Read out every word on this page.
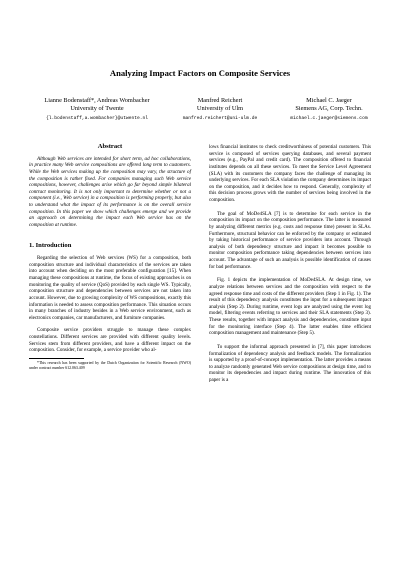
Analyzing Impact Factors on Composite Services
Lianne Bodenstaff*, Andreas Wombacher
University of Twente
{l.bodenstaff,a.wombacher}@utwente.nl
Manfred Reichert
University of Ulm
manfred.reichert@uni-ulm.de
Michael C. Jaeger
Siemens AG, Corp. Techn.
michael.c.jaeger@siemens.com
Abstract

Although Web services are intended for short term, ad hoc collaborations, in practice many Web service compositions are offered long term to customers. While the Web services making up the composition may vary, the structure of the composition is rather fixed. For companies managing such Web service compositions, however, challenges arise which go far beyond simple bilateral contract monitoring. It is not only important to determine whether or not a component (i.e., Web service) in a composition is performing properly, but also to understand what the impact of its performance is on the overall service composition. In this paper we show which challenges emerge and we provide an approach on determining the impact each Web service has on the composition at runtime.

1. Introduction

Regarding the selection of Web services (WS) for a composition, both composition structure and individual characteristics of the services are taken into account when deciding on the most preferable configuration [15]. When managing these compositions at runtime, the focus of existing approaches is on monitoring the quality of service (QoS) provided by each single WS. Typically, composition structure and dependencies between services are not taken into account. However, due to growing complexity of WS compositions, exactly this information is needed to assess composition performance. This situation occurs in many branches of industry besides in a Web service environment, such as electronics companies, car manufacturers, and furniture companies.

Composite service providers struggle to manage these complex constellations. Different services are provided with different quality levels. Services stem from different providers, and have a different impact on the composition. Consider, for example, a service provider who al-

*This research has been supported by the Dutch Organization for Scientific Research (NWO) under contract number 612.063.409

lows financial institutes to check creditworthiness of potential customers. This service is composed of services querying databases, and several payment services (e.g., PayPal and credit card). The composition offered to financial institutes depends on all these services. To meet the Service Level Agreement (SLA) with its customers the company faces the challenge of managing its underlying services. For each SLA violation the company determines its impact on the composition, and it decides how to respond. Generally, complexity of this decision process grows with the number of services being involved in the composition.

The goal of MoDe4SLA [7] is to determine for each service in the composition its impact on the composition performance. The latter is measured by analyzing different metrics (e.g. costs and response time) present in SLAs. Furthermore, structural behavior can be enforced by the company or estimated by taking historical performance of service providers into account. Through analysis of both dependency structure and impact it becomes possible to monitor composition performance taking dependencies between services into account. The advantage of such an analysis is possible identification of causes for bad performance.

Fig. 1 depicts the implementation of MoDe4SLA. At design time, we analyze relations between services and the composition with respect to the agreed response time and costs of the different providers (Step 1 in Fig. 1). The result of this dependency analysis constitutes the input for a subsequent impact analysis (Step 2). During runtime, event logs are analyzed using the event log model, filtering events referring to services and their SLA statements (Step 3). These results, together with impact analysis and dependencies, constitute input for the monitoring interface (Step 4). The latter enables time efficient composition management and maintenance (Step 5).

To support the informal approach presented in [7], this paper introduces formalization of dependency analysis and feedback models. The formalization is supported by a proof-of-concept implementation. The latter provides a means to analyze randomly generated Web service compositions at design time, and to monitor its dependencies and impact during runtime. The innovation of this paper is a
